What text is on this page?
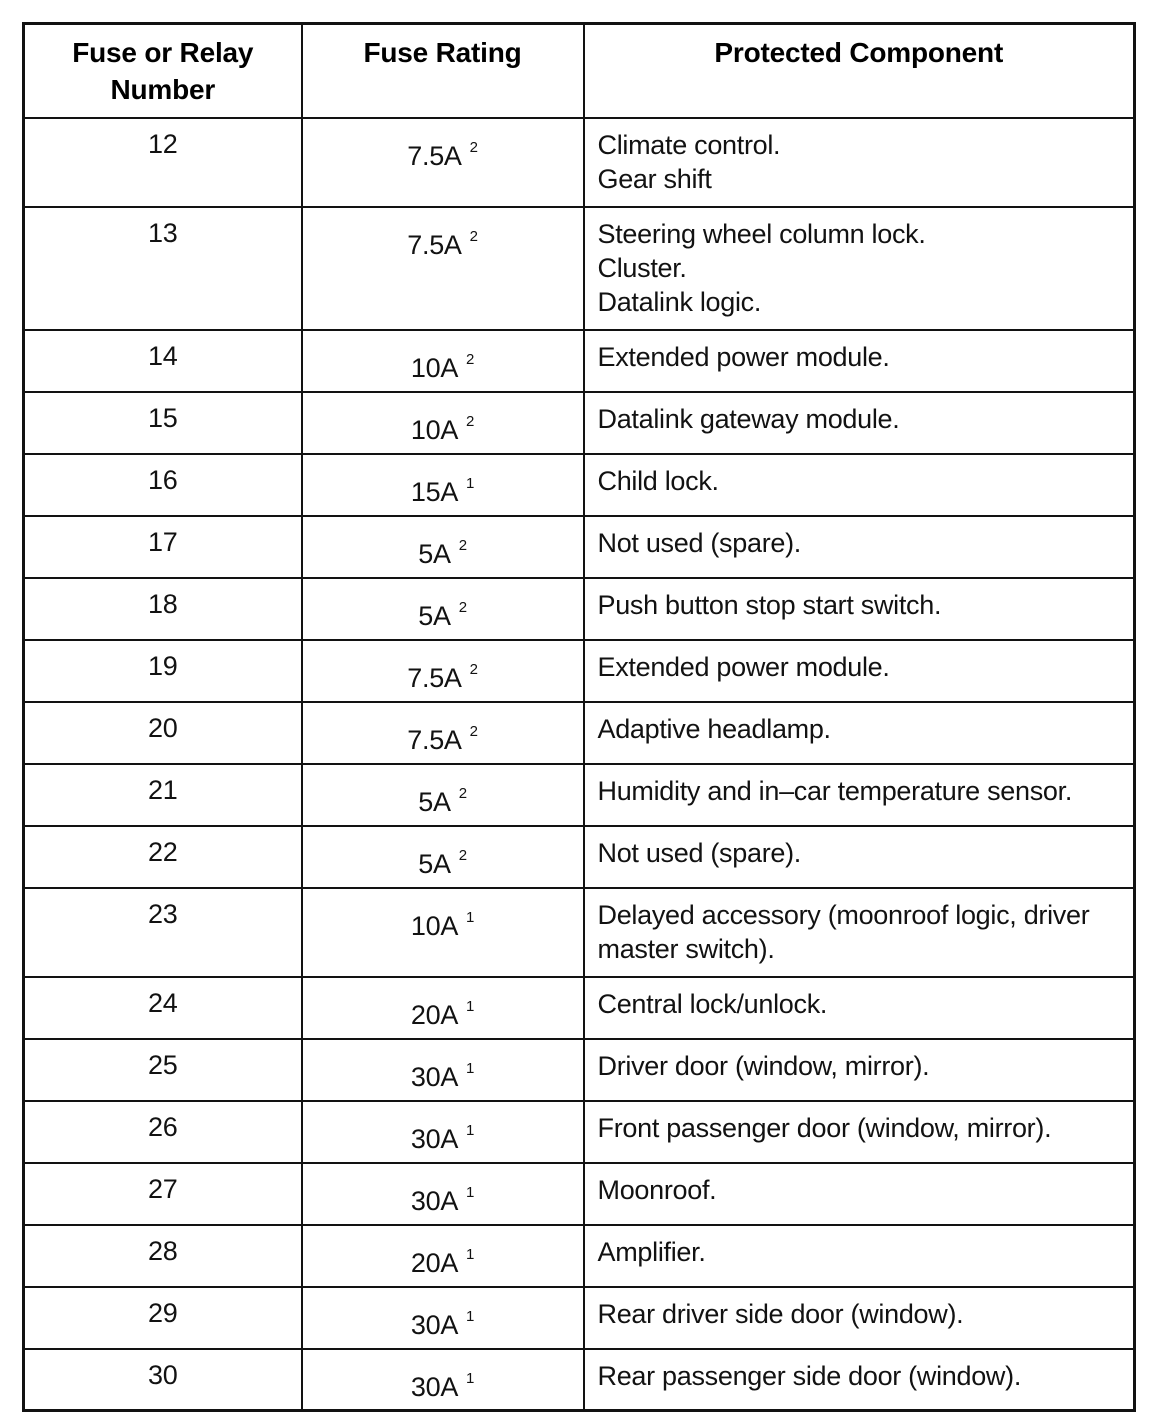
Fuse or Relay Number	Fuse Rating	Protected Component
12	7.5A $^2$	Climate control.
Gear shift

13	7.5A $^2$	Steering wheel column lock.
Cluster.
Datalink logic.

14	10A $^2$	Extended power module.

15	10A $^2$	Datalink gateway module.

16	15A $^1$	Child lock.

17	5A $^2$	Not used (spare).

18	5A $^2$	Push button stop start switch.

19	7.5A $^2$	Extended power module.

20	7.5A $^2$	Adaptive headlamp.

21	5A $^2$	Humidity and in–car temperature sensor.

22	5A $^2$	Not used (spare).

23	10A $^1$	Delayed accessory (moonroof logic, driver master switch).

24	20A $^1$	Central lock/unlock.

25	30A $^1$	Driver door (window, mirror).

26	30A $^1$	Front passenger door (window, mirror).

27	30A $^1$	Moonroof.

28	20A $^1$	Amplifier.

29	30A $^1$	Rear driver side door (window).

30	30A $^1$	Rear passenger side door (window).
